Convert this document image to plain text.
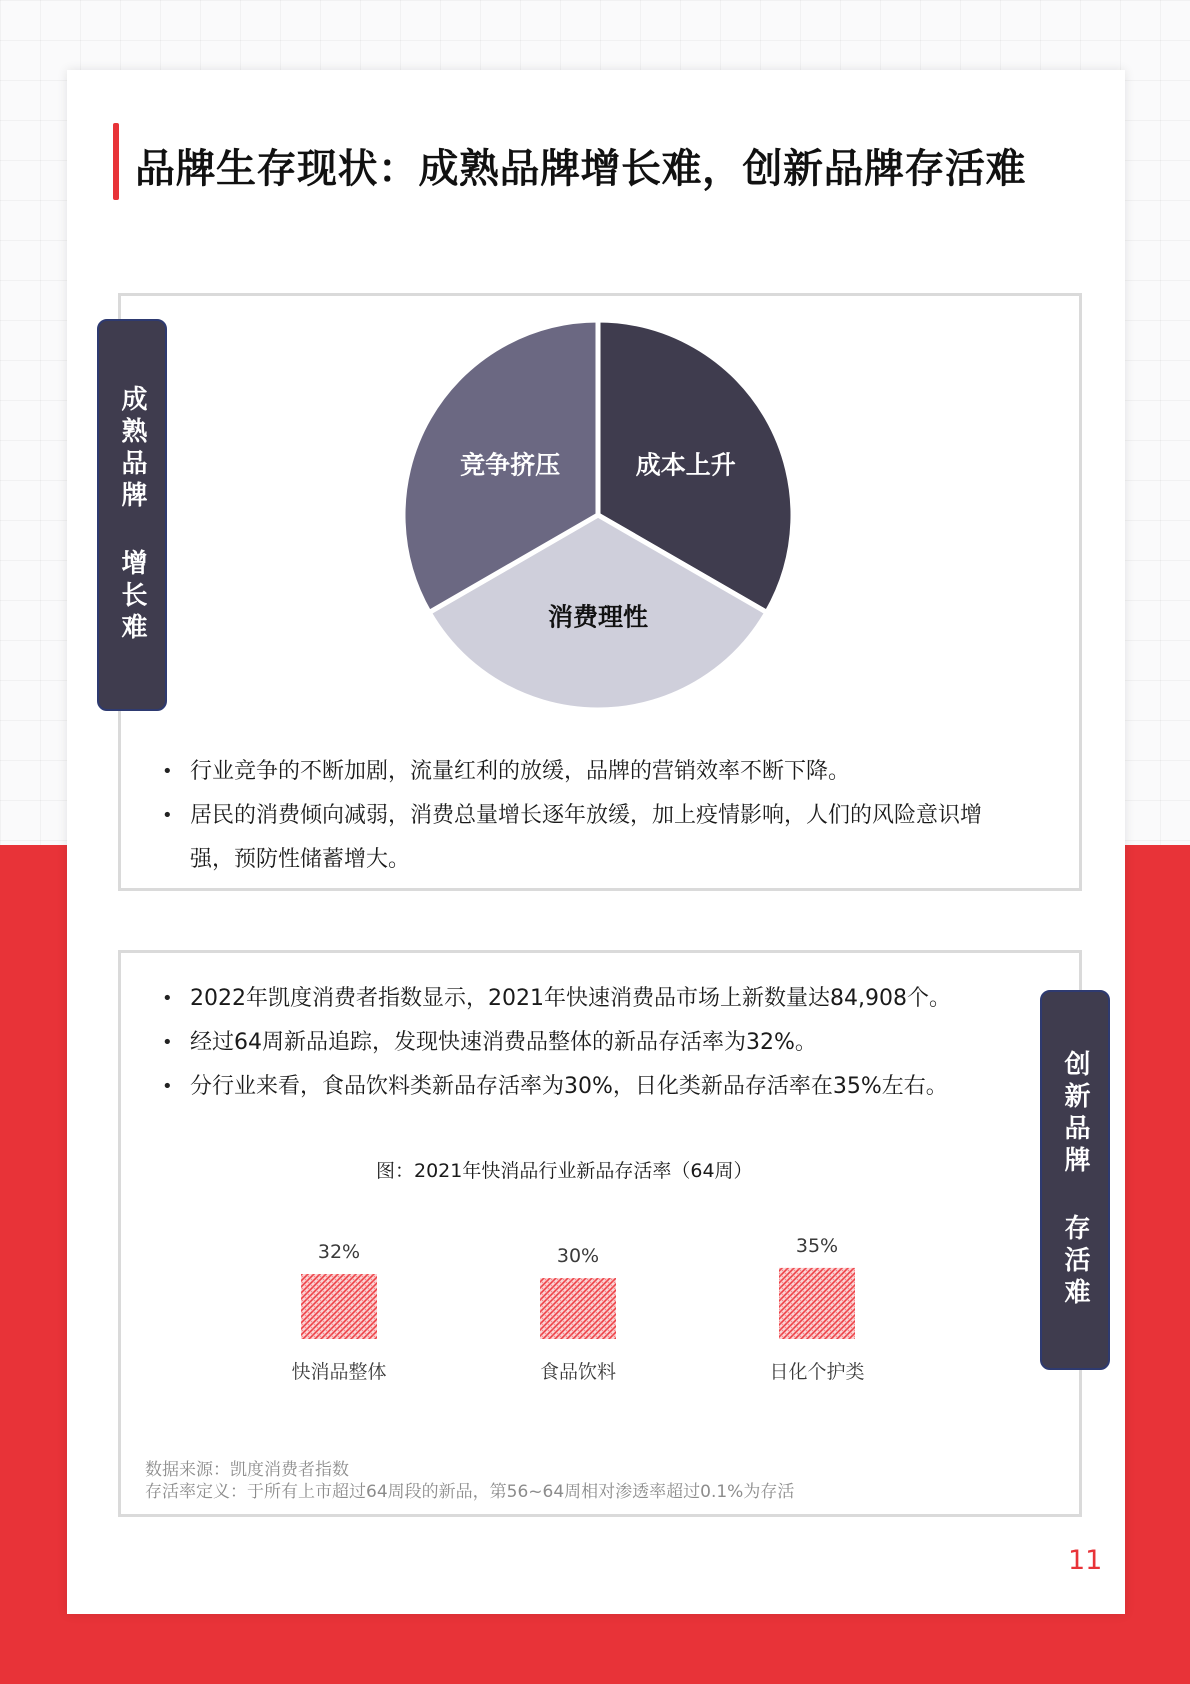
品牌生存现状：成熟品牌增长难，创新品牌存活难
成熟品牌 增长难	成本上升
消费理性
竞争挤压
• 行业竞争的不断加剧，流量红利的放缓，品牌的营销效率不断下降。
• 居民的消费倾向减弱，消费总量增长逐年放缓，加上疫情影响，人们的风险意识增强，预防性储蓄增大。
创新品牌 存活难
• 2022年凯度消费者指数显示，2021年快速消费品市场上新数量达84,908个。
• 经过64周新品追踪，发现快速消费品整体的新品存活率为32%。
• 分行业来看，食品饮料类新品存活率为30%，日化类新品存活率在35%左右。
图：2021年快消品行业新品存活率（64周）
32%
快消品整体
30%
食品饮料
35%
日化个护类
数据来源：凯度消费者指数
存活率定义：于所有上市超过64周段的新品，第56~64周相对渗透率超过0.1%为存活
11
